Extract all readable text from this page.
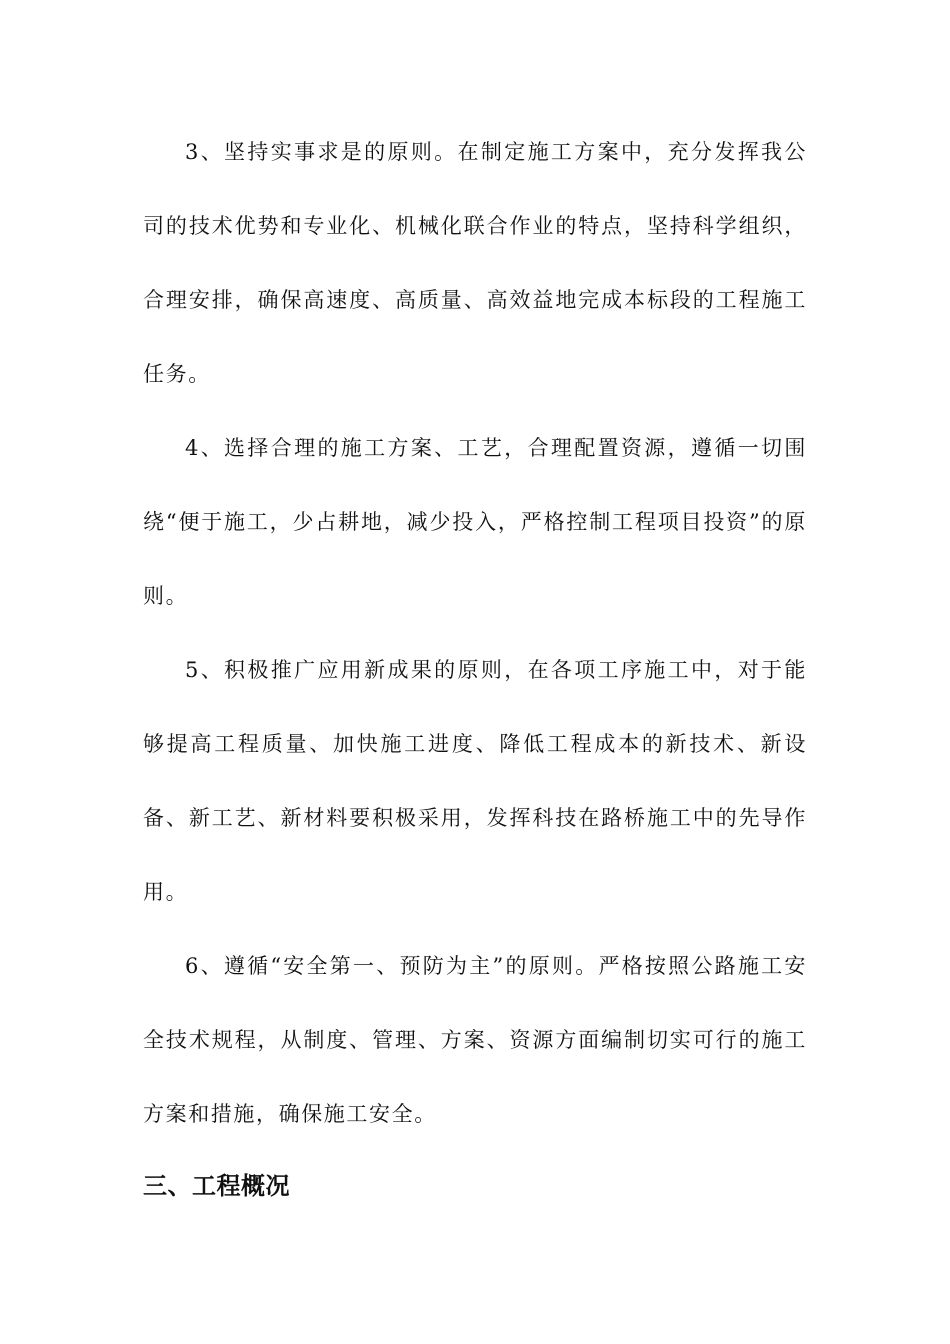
3、坚持实事求是的原则。在制定施工方案中，充分发挥我公司的技术优势和专业化、机械化联合作业的特点，坚持科学组织，合理安排，确保高速度、高质量、高效益地完成本标段的工程施工任务。

4、选择合理的施工方案、工艺，合理配置资源，遵循一切围绕“便于施工，少占耕地，减少投入，严格控制工程项目投资”的原则。

5、积极推广应用新成果的原则，在各项工序施工中，对于能够提高工程质量、加快施工进度、降低工程成本的新技术、新设备、新工艺、新材料要积极采用，发挥科技在路桥施工中的先导作用。

6、遵循“安全第一、预防为主”的原则。严格按照公路施工安全技术规程，从制度、管理、方案、资源方面编制切实可行的施工方案和措施，确保施工安全。

三、工程概况
